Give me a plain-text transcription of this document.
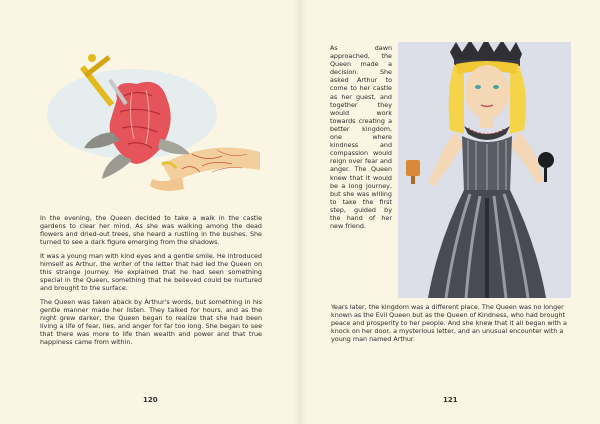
In the evening, the Queen decided to take a walk in the castle gardens to clear her mind. As she was walking among the dead flowers and dried-out trees, she heard a rustling in the bushes. She turned to see a dark figure emerging from the shadows.

It was a young man with kind eyes and a gentle smile. He introduced himself as Arthur, the writer of the letter that had led the Queen on this strange journey. He explained that he had seen something special in the Queen, something that he believed could be nurtured and brought to the surface.

The Queen was taken aback by Arthur's words, but something in his gentle manner made her listen. They talked for hours, and as the night grew darker, the Queen began to realize that she had been living a life of fear, lies, and anger for far too long. She began to see that there was more to life than wealth and power and that true happiness came from within.

120
As dawn approached, the Queen made a decision. She asked Arthur to come to her castle as her guest, and together they would work towards creating a better kingdom, one where kindness and compassion would reign over fear and anger. The Queen knew that it would be a long journey, but she was willing to take the first step, guided by the hand of her new friend.
Years later, the kingdom was a different place. The Queen was no longer known as the Evil Queen but as the Queen of Kindness, who had brought peace and prosperity to her people. And she knew that it all began with a knock on her door, a mysterious letter, and an unusual encounter with a young man named Arthur.
121
